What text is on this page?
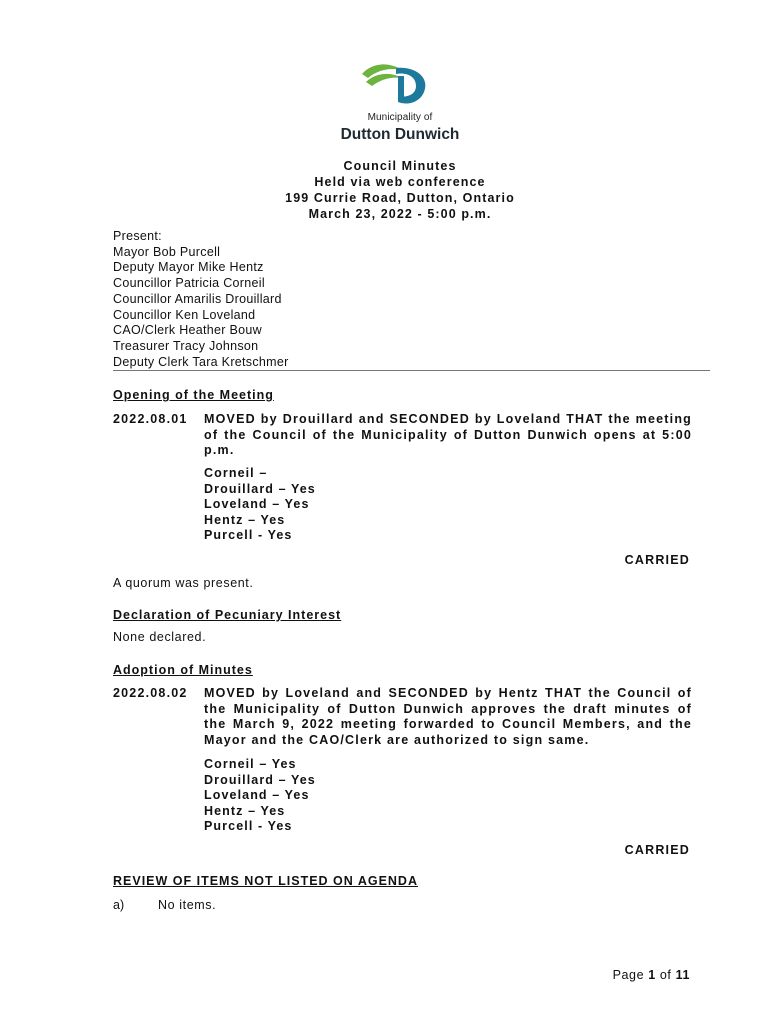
Municipality of
Dutton Dunwich
Council Minutes
Held via web conference
199 Currie Road, Dutton, Ontario
March 23, 2022 - 5:00 p.m.
Present:
Mayor Bob Purcell
Deputy Mayor Mike Hentz
Councillor Patricia Corneil
Councillor Amarilis Drouillard
Councillor Ken Loveland
CAO/Clerk Heather Bouw
Treasurer Tracy Johnson
Deputy Clerk Tara Kretschmer
Opening of the Meeting
2022.08.01 MOVED by Drouillard and SECONDED by Loveland THAT the meeting of the Council of the Municipality of Dutton Dunwich opens at 5:00 p.m.
Corneil –
Drouillard – Yes
Loveland – Yes
Hentz – Yes
Purcell - Yes
CARRIED
A quorum was present.
Declaration of Pecuniary Interest
None declared.
Adoption of Minutes
2022.08.02 MOVED by Loveland and SECONDED by Hentz THAT the Council of the Municipality of Dutton Dunwich approves the draft minutes of the March 9, 2022 meeting forwarded to Council Members, and the Mayor and the CAO/Clerk are authorized to sign same.
Corneil – Yes
Drouillard – Yes
Loveland – Yes
Hentz – Yes
Purcell - Yes
CARRIED
REVIEW OF ITEMS NOT LISTED ON AGENDA
a)	No items.
Page 1 of 11
